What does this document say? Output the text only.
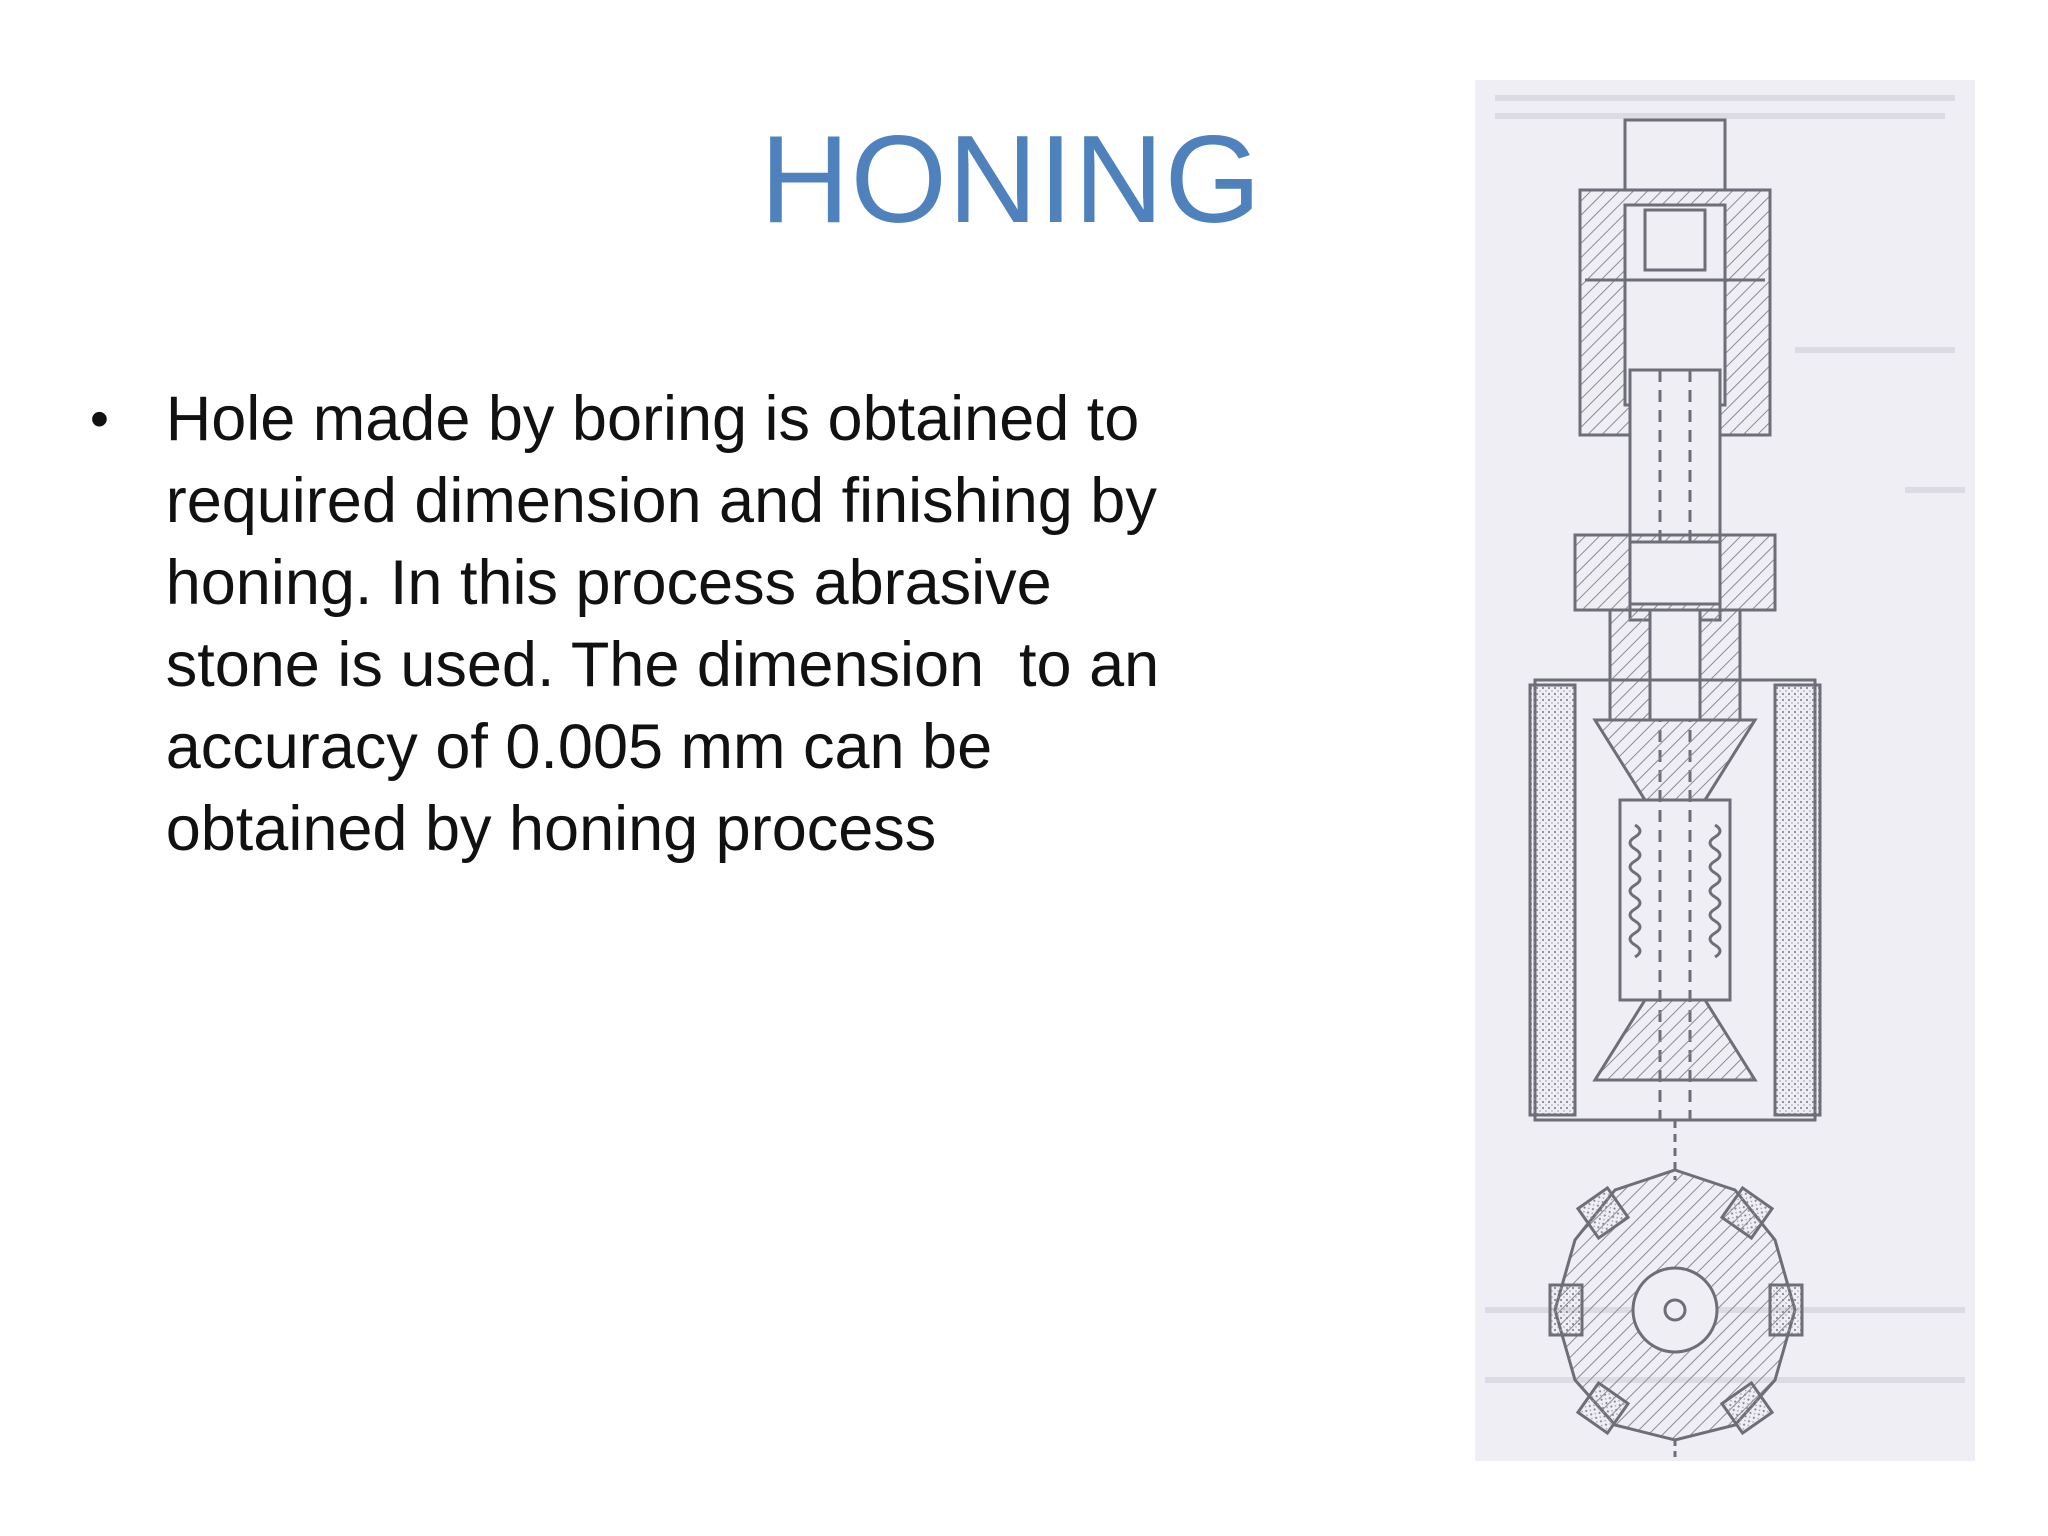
HONING
• Hole made by boring is obtained to
required dimension and finishing by
honing. In this process abrasive
stone is used. The dimension  to an
accuracy of 0.005 mm can be
obtained by honing process
